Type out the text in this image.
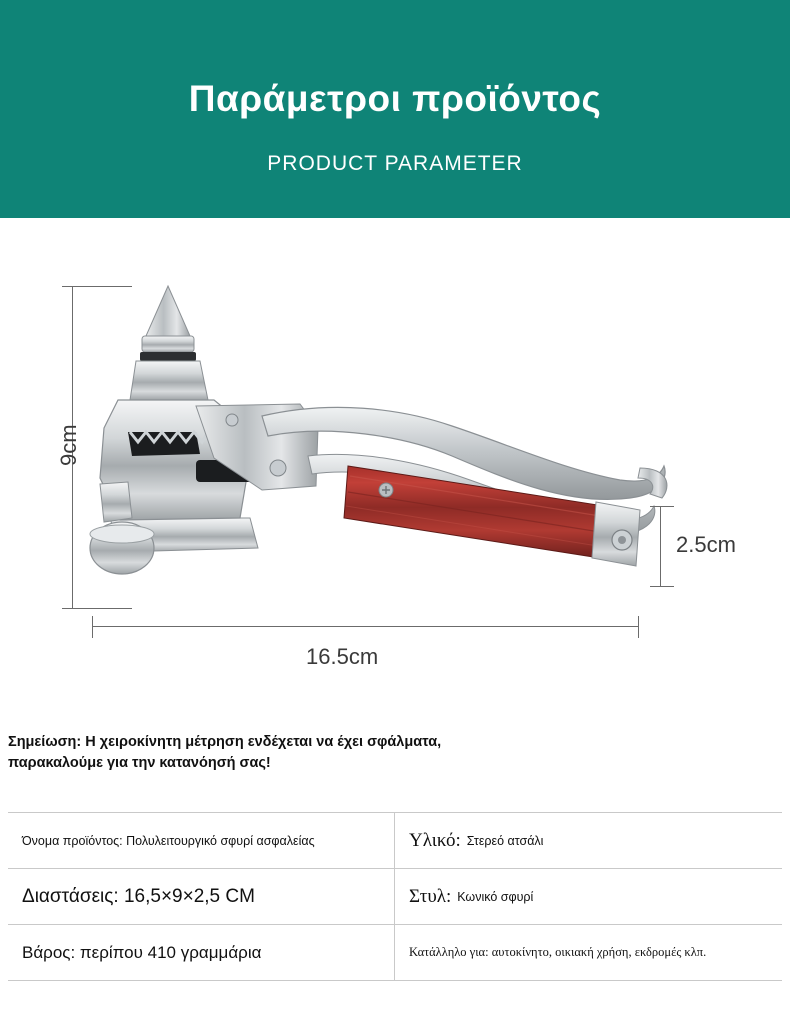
Παράμετροι προϊόντος
PRODUCT PARAMETER
9cm
2.5cm
16.5cm
Σημείωση: Η χειροκίνητη μέτρηση ενδέχεται να έχει σφάλματα,
παρακαλούμε για την κατανόησή σας!
Όνομα προϊόντος: Πολυλειτουργικό σφυρί ασφαλείας	Υλικό: Στερεό ατσάλι
Διαστάσεις: 16,5×9×2,5 CM	Στυλ: Κωνικό σφυρί
Βάρος: περίπου 410 γραμμάρια	Κατάλληλο για: αυτοκίνητο, οικιακή χρήση, εκδρομές κλπ.
